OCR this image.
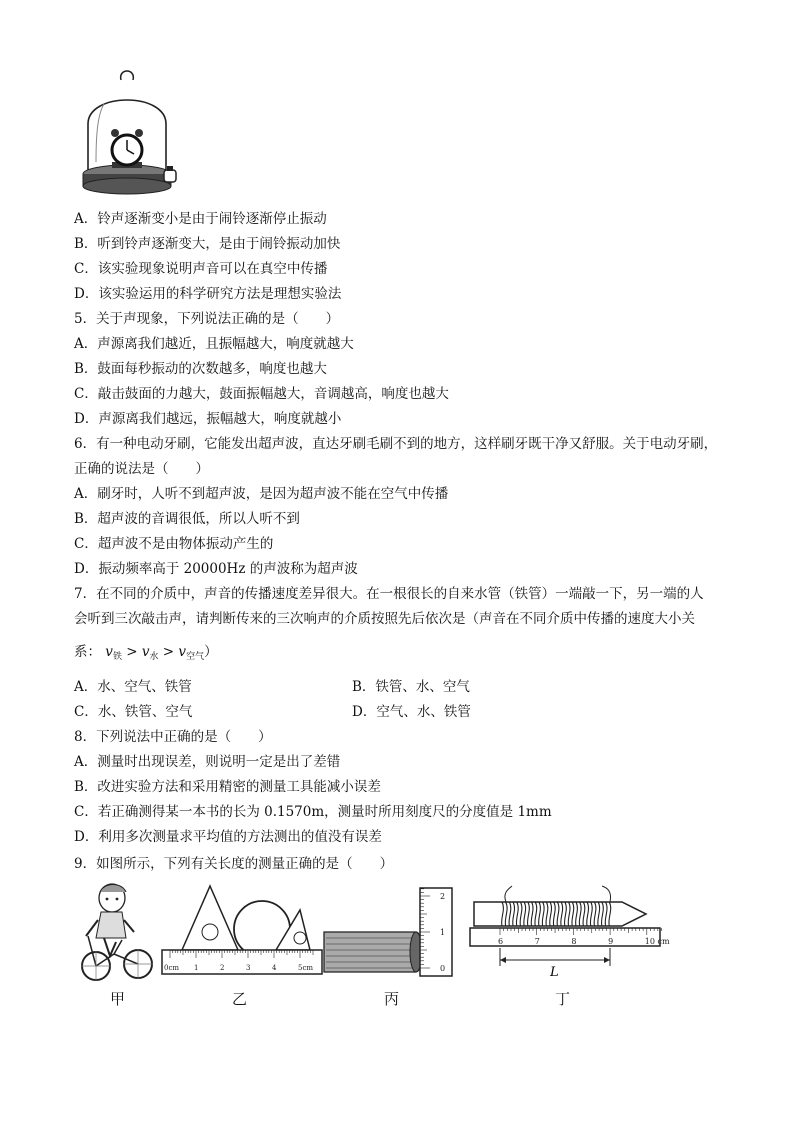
A．铃声逐渐变小是由于闹铃逐渐停止振动
B．听到铃声逐渐变大，是由于闹铃振动加快
C．该实验现象说明声音可以在真空中传播
D．该实验运用的科学研究方法是理想实验法
5．关于声现象，下列说法正确的是（　　）
A．声源离我们越近，且振幅越大，响度就越大
B．鼓面每秒振动的次数越多，响度也越大
C．敲击鼓面的力越大，鼓面振幅越大，音调越高，响度也越大
D．声源离我们越远，振幅越大，响度就越小
6．有一种电动牙刷，它能发出超声波，直达牙刷毛刷不到的地方，这样刷牙既干净又舒服。关于电动牙刷，
正确的说法是（　　）
A．刷牙时，人听不到超声波，是因为超声波不能在空气中传播
B．超声波的音调很低，所以人听不到
C．超声波不是由物体振动产生的
D．振动频率高于 20000Hz 的声波称为超声波
7．在不同的介质中，声音的传播速度差异很大。在一根很长的自来水管（铁管）一端敲一下，另一端的人
会听到三次敲击声，请判断传来的三次响声的介质按照先后依次是（声音在不同介质中传播的速度大小关
系： $v_铁 > v_水 > v_{空气}$）
A．水、空气、铁管	B．铁管、水、空气
C．水、铁管、空气	D．空气、水、铁管
8．下列说法中正确的是（　　）
A．测量时出现误差，则说明一定是出了差错
B．改进实验方法和采用精密的测量工具能减小误差
C．若正确测得某一本书的长为 0.1570m，测量时所用刻度尺的分度值是 1mm
D．利用多次测量求平均值的方法测出的值没有误差
9．如图所示，下列有关长度的测量正确的是（　　）
0cm 1	2	3	4	5cm
2
1
0
6	7	8	9	10 cm
L
甲	乙	丙	丁
